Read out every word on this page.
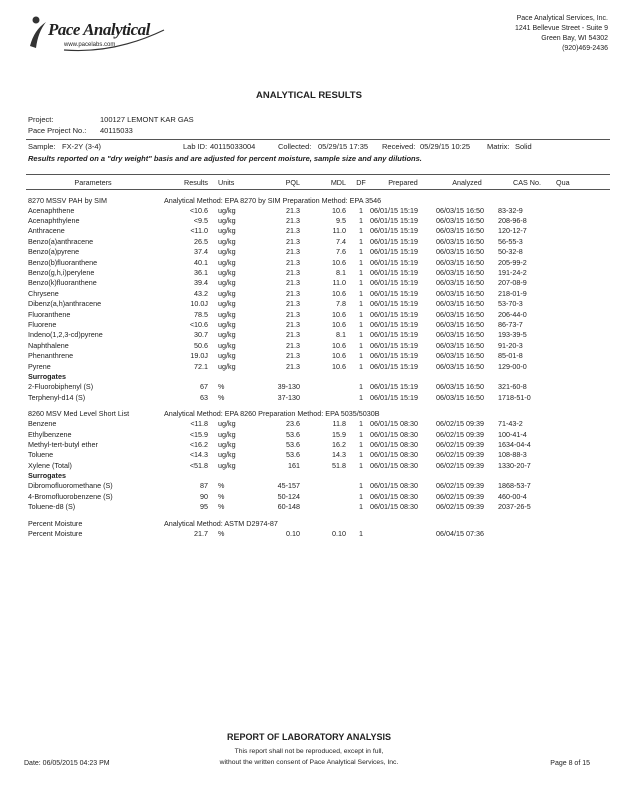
Pace Analytical
www.pacelabs.com
Pace Analytical Services, Inc.
1241 Bellevue Street - Suite 9
Green Bay, WI 54302
(920)469-2436
ANALYTICAL RESULTS
Project:	100127 LEMONT KAR GAS
Pace Project No.: 40115033
Sample: FX-2Y (3-4)	Lab ID: 40115033004	Collected: 05/29/15 17:35 Received: 05/29/15 10:25 Matrix: Solid
Results reported on a "dry weight" basis and are adjusted for percent moisture, sample size and any dilutions.
Parameters	Results	Units	PQL	MDL	DF	Prepared	Analyzed	CAS No.	Qua
8270 MSSV PAH by SIM	Analytical Method: EPA 8270 by SIM Preparation Method: EPA 3546								
Acenaphthene	<10.6	ug/kg	21.3	10.6	1	06/01/15 15:19	06/03/15 16:50	83-32-9	
Acenaphthylene	<9.5	ug/kg	21.3	9.5	1	06/01/15 15:19	06/03/15 16:50	208-96-8	
Anthracene	<11.0	ug/kg	21.3	11.0	1	06/01/15 15:19	06/03/15 16:50	120-12-7	
Benzo(a)anthracene	26.5	ug/kg	21.3	7.4	1	06/01/15 15:19	06/03/15 16:50	56-55-3	
Benzo(a)pyrene	37.4	ug/kg	21.3	7.6	1	06/01/15 15:19	06/03/15 16:50	50-32-8	
Benzo(b)fluoranthene	40.1	ug/kg	21.3	10.6	1	06/01/15 15:19	06/03/15 16:50	205-99-2	
Benzo(g,h,i)perylene	36.1	ug/kg	21.3	8.1	1	06/01/15 15:19	06/03/15 16:50	191-24-2	
Benzo(k)fluoranthene	39.4	ug/kg	21.3	11.0	1	06/01/15 15:19	06/03/15 16:50	207-08-9	
Chrysene	43.2	ug/kg	21.3	10.6	1	06/01/15 15:19	06/03/15 16:50	218-01-9	
Dibenz(a,h)anthracene	10.0J	ug/kg	21.3	7.8	1	06/01/15 15:19	06/03/15 16:50	53-70-3	
Fluoranthene	78.5	ug/kg	21.3	10.6	1	06/01/15 15:19	06/03/15 16:50	206-44-0	
Fluorene	<10.6	ug/kg	21.3	10.6	1	06/01/15 15:19	06/03/15 16:50	86-73-7	
Indeno(1,2,3-cd)pyrene	30.7	ug/kg	21.3	8.1	1	06/01/15 15:19	06/03/15 16:50	193-39-5	
Naphthalene	50.6	ug/kg	21.3	10.6	1	06/01/15 15:19	06/03/15 16:50	91-20-3	
Phenanthrene	19.0J	ug/kg	21.3	10.6	1	06/01/15 15:19	06/03/15 16:50	85-01-8	
Pyrene	72.1	ug/kg	21.3	10.6	1	06/01/15 15:19	06/03/15 16:50	129-00-0	
Surrogates									
2-Fluorobiphenyl (S)	67	%	39-130		1	06/01/15 15:19	06/03/15 16:50	321-60-8	
Terphenyl-d14 (S)	63	%	37-130		1	06/01/15 15:19	06/03/15 16:50	1718-51-0	
8260 MSV Med Level Short List	Analytical Method: EPA 8260 Preparation Method: EPA 5035/5030B								
Benzene	<11.8	ug/kg	23.6	11.8	1	06/01/15 08:30	06/02/15 09:39	71-43-2	
Ethylbenzene	<15.9	ug/kg	53.6	15.9	1	06/01/15 08:30	06/02/15 09:39	100-41-4	
Methyl-tert-butyl ether	<16.2	ug/kg	53.6	16.2	1	06/01/15 08:30	06/02/15 09:39	1634-04-4	
Toluene	<14.3	ug/kg	53.6	14.3	1	06/01/15 08:30	06/02/15 09:39	108-88-3	
Xylene (Total)	<51.8	ug/kg	161	51.8	1	06/01/15 08:30	06/02/15 09:39	1330-20-7	
Surrogates									
Dibromofluoromethane (S)	87	%	45-157		1	06/01/15 08:30	06/02/15 09:39	1868-53-7	
4-Bromofluorobenzene (S)	90	%	50-124		1	06/01/15 08:30	06/02/15 09:39	460-00-4	
Toluene-d8 (S)	95	%	60-148		1	06/01/15 08:30	06/02/15 09:39	2037-26-5	
Percent Moisture	Analytical Method: ASTM D2974-87								
Percent Moisture	21.7	%	0.10	0.10	1		06/04/15 07:36		
REPORT OF LABORATORY ANALYSIS
This report shall not be reproduced, except in full,
without the written consent of Pace Analytical Services, Inc.
Date: 06/05/2015 04:23 PM	Page 8 of 15
